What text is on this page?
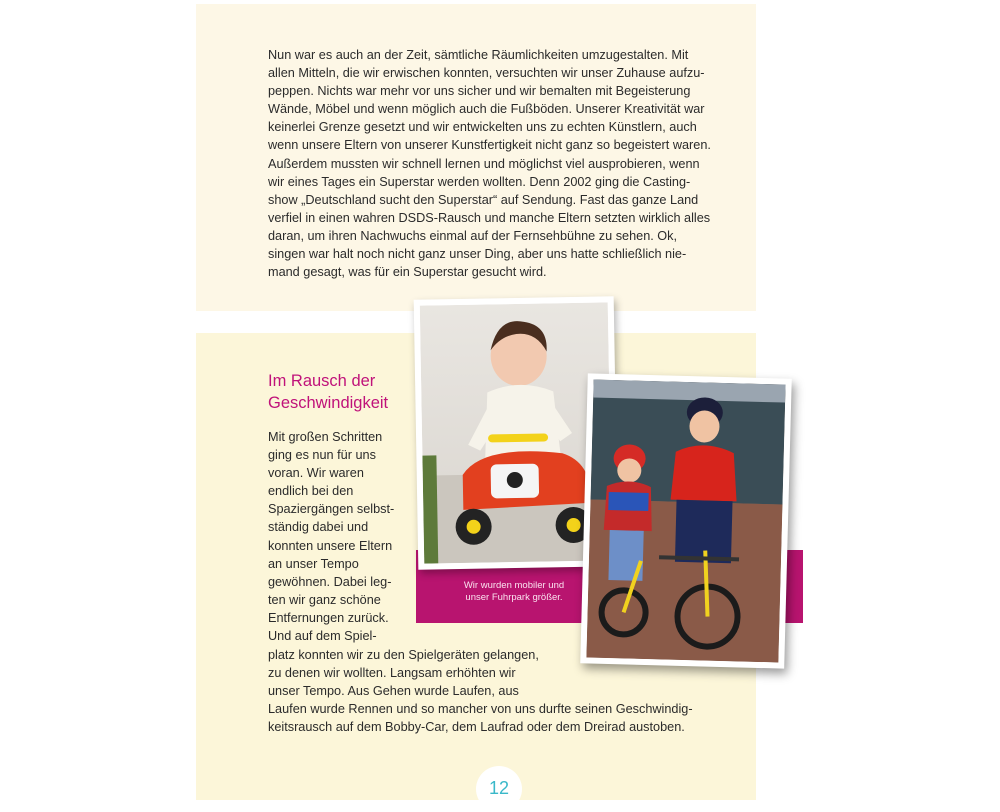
Nun war es auch an der Zeit, sämtliche Räumlichkeiten umzugestalten. Mit
allen Mitteln, die wir erwischen konnten, versuchten wir unser Zuhause aufzu-
peppen. Nichts war mehr vor uns sicher und wir bemalten mit Begeisterung
Wände, Möbel und wenn möglich auch die Fußböden. Unserer Kreativität war
keinerlei Grenze gesetzt und wir entwickelten uns zu echten Künstlern, auch
wenn unsere Eltern von unserer Kunstfertigkeit nicht ganz so begeistert waren.
Außerdem mussten wir schnell lernen und möglichst viel ausprobieren, wenn
wir eines Tages ein Superstar werden wollten. Denn 2002 ging die Casting-
show „Deutschland sucht den Superstar“ auf Sendung. Fast das ganze Land
verfiel in einen wahren DSDS-Rausch und manche Eltern setzten wirklich alles
daran, um ihren Nachwuchs einmal auf der Fernsehbühne zu sehen. Ok,
singen war halt noch nicht ganz unser Ding, aber uns hatte schließlich nie-
mand gesagt, was für ein Superstar gesucht wird.

Wir wurden mobiler und
unser Fuhrpark größer.
Im Rausch der
Geschwindigkeit

Mit großen Schritten
ging es nun für uns
voran. Wir waren
endlich bei den
Spaziergängen selbst-
ständig dabei und
konnten unsere Eltern
an unser Tempo
gewöhnen. Dabei leg-
ten wir ganz schöne
Entfernungen zurück.
Und auf dem Spiel-

platz konnten wir zu den Spielgeräten gelangen,
zu denen wir wollten. Langsam erhöhten wir
unser Tempo. Aus Gehen wurde Laufen, aus
Laufen wurde Rennen und so mancher von uns durfte seinen Geschwindig-
keitsrausch auf dem Bobby-Car, dem Laufrad oder dem Dreirad austoben.

12
